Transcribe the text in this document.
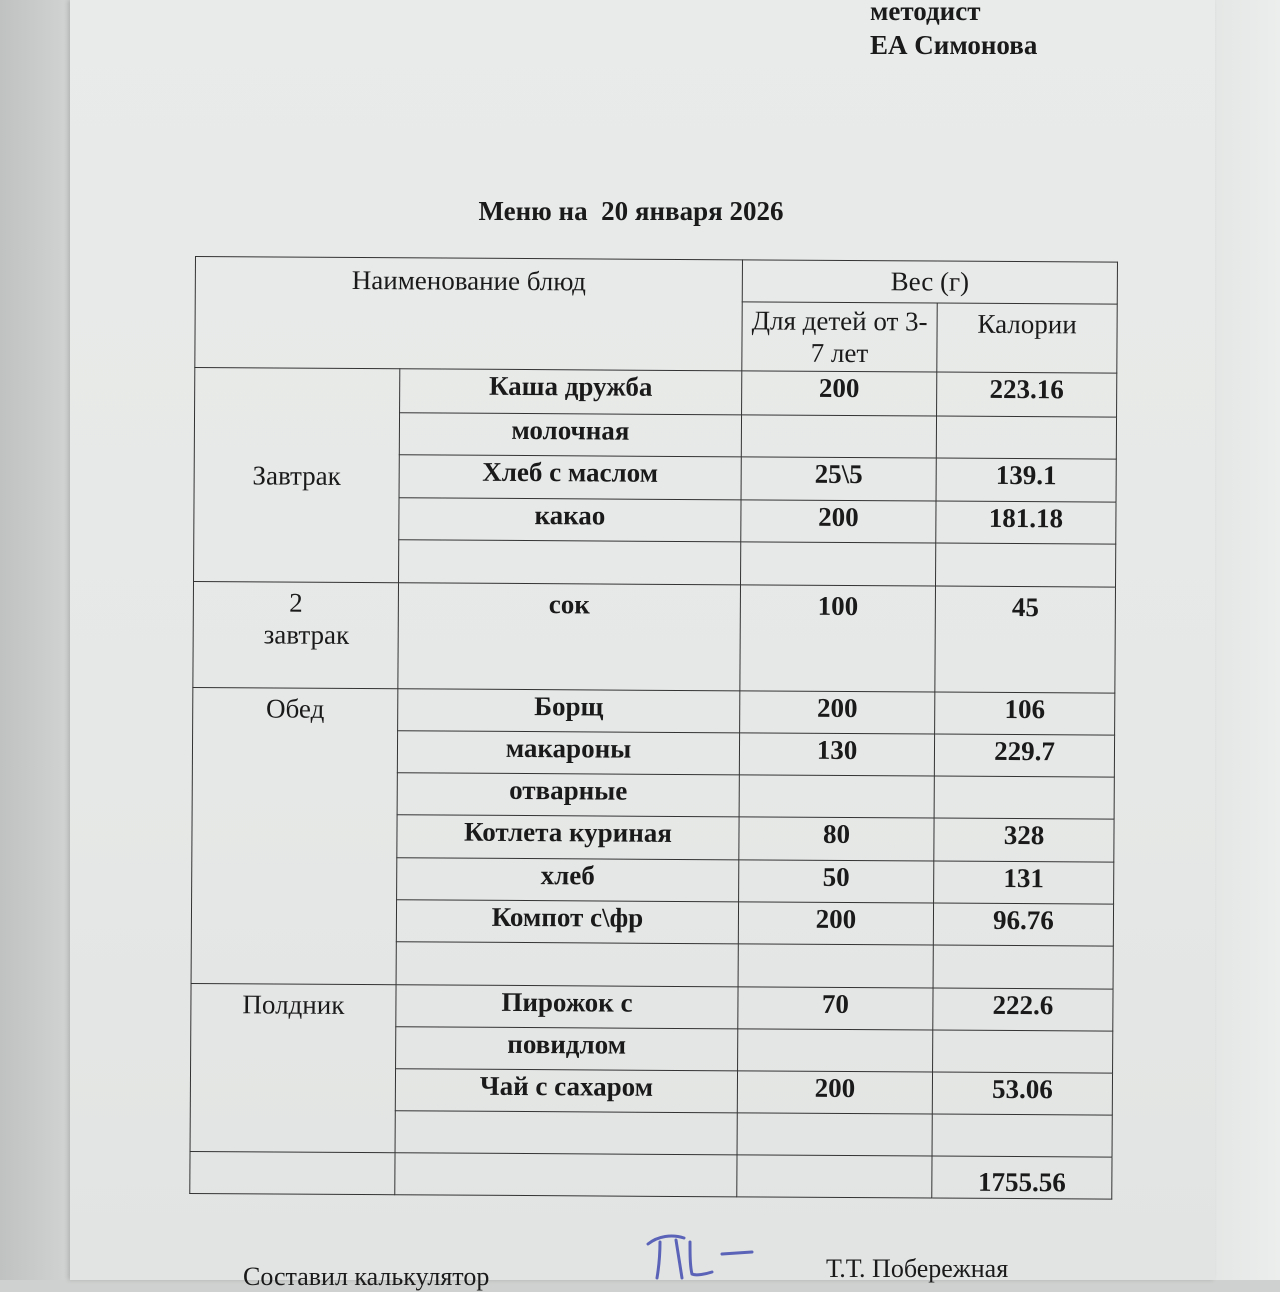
методист
ЕА Симонова
Меню на  20 января 2026
Наименование блюд		Вес (г)	
		Для детей от 3-7 лет	Калории
Завтрак	Каша дружба	200	223.16
	молочная		
	Хлеб с маслом	25\5	139.1
	какао	200	181.18

2 завтрак	сок	100	45
Обед	Борщ	200	106
	макароны	130	229.7
	отварные		
	Котлета куриная	80	328
	хлеб	50	131
	Компот с\фр	200	96.76

Полдник	Пирожок с	70	222.6
	повидлом		
	Чай с сахаром	200	53.06

			1755.56
Составил калькулятор	Т.Т. Побережная
